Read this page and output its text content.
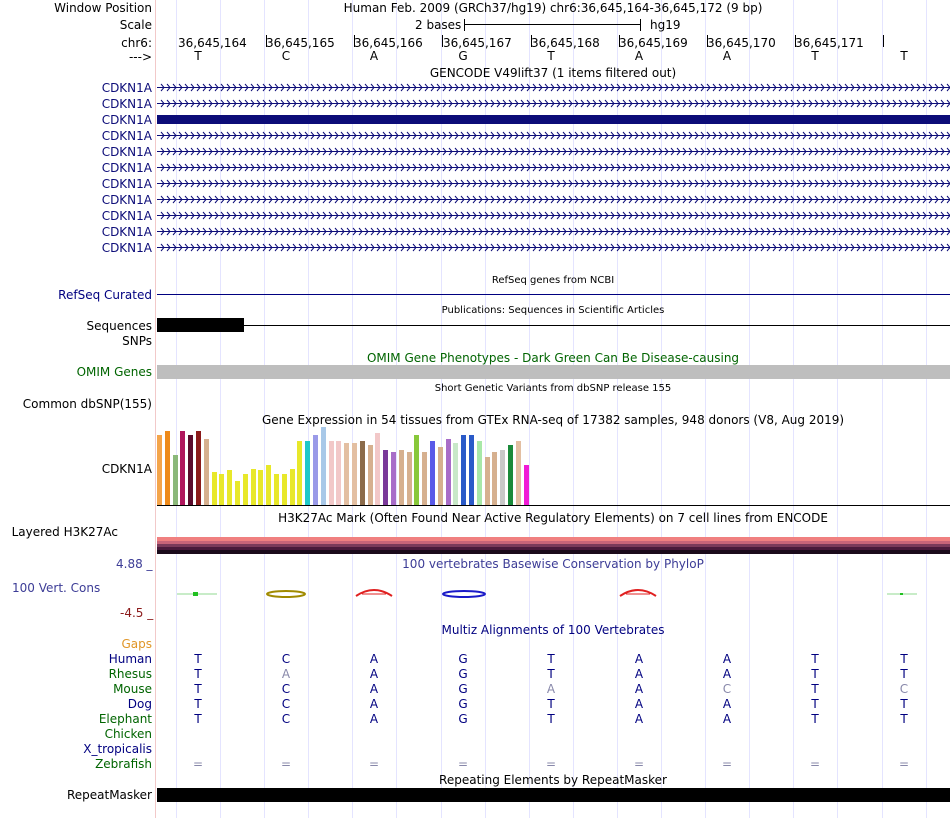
Window Position	Human Feb. 2009 (GRCh37/hg19) chr6:36,645,164-36,645,172 (9 bp)
Scale	2 bases	hg19
chr6: 36,645,164 36,645,165 36,645,166 36,645,167 36,645,168 36,645,169 36,645,170 36,645,171
--->	T	C	A	G	T	A	A	T	T
GENCODE V49lift37 (1 items filtered out)
CDKN1A
CDKN1A
CDKN1A
CDKN1A
CDKN1A
CDKN1A
CDKN1A
CDKN1A
CDKN1A
CDKN1A
CDKN1A
RefSeq genes from NCBI
RefSeq Curated
Publications: Sequences in Scientific Articles
Sequences
SNPs
OMIM Gene Phenotypes - Dark Green Can Be Disease-causing
OMIM Genes
Short Genetic Variants from dbSNP release 155
Common dbSNP(155)
Gene Expression in 54 tissues from GTEx RNA-seq of 17382 samples, 948 donors (V8, Aug 2019)
CDKN1A
H3K27Ac Mark (Often Found Near Active Regulatory Elements) on 7 cell lines from ENCODE
Layered H3K27Ac
4.88 _	100 vertebrates Basewise Conservation by PhyloP
100 Vert. Cons
-4.5 _
Multiz Alignments of 100 Vertebrates
Gaps
Human	T	C	A	G	T	A	A	T	T
Rhesus	T	A	A	G	T	A	A	T	T
Mouse	T	C	A	G	A	A	C	T	C
Dog	T	C	A	G	T	A	A	T	T
Elephant	T	C	A	G	T	A	A	T	T
Chicken
X_tropicalis
Zebrafish	=	=	=	=	=	=	=	=	=
Repeating Elements by RepeatMasker
RepeatMasker
